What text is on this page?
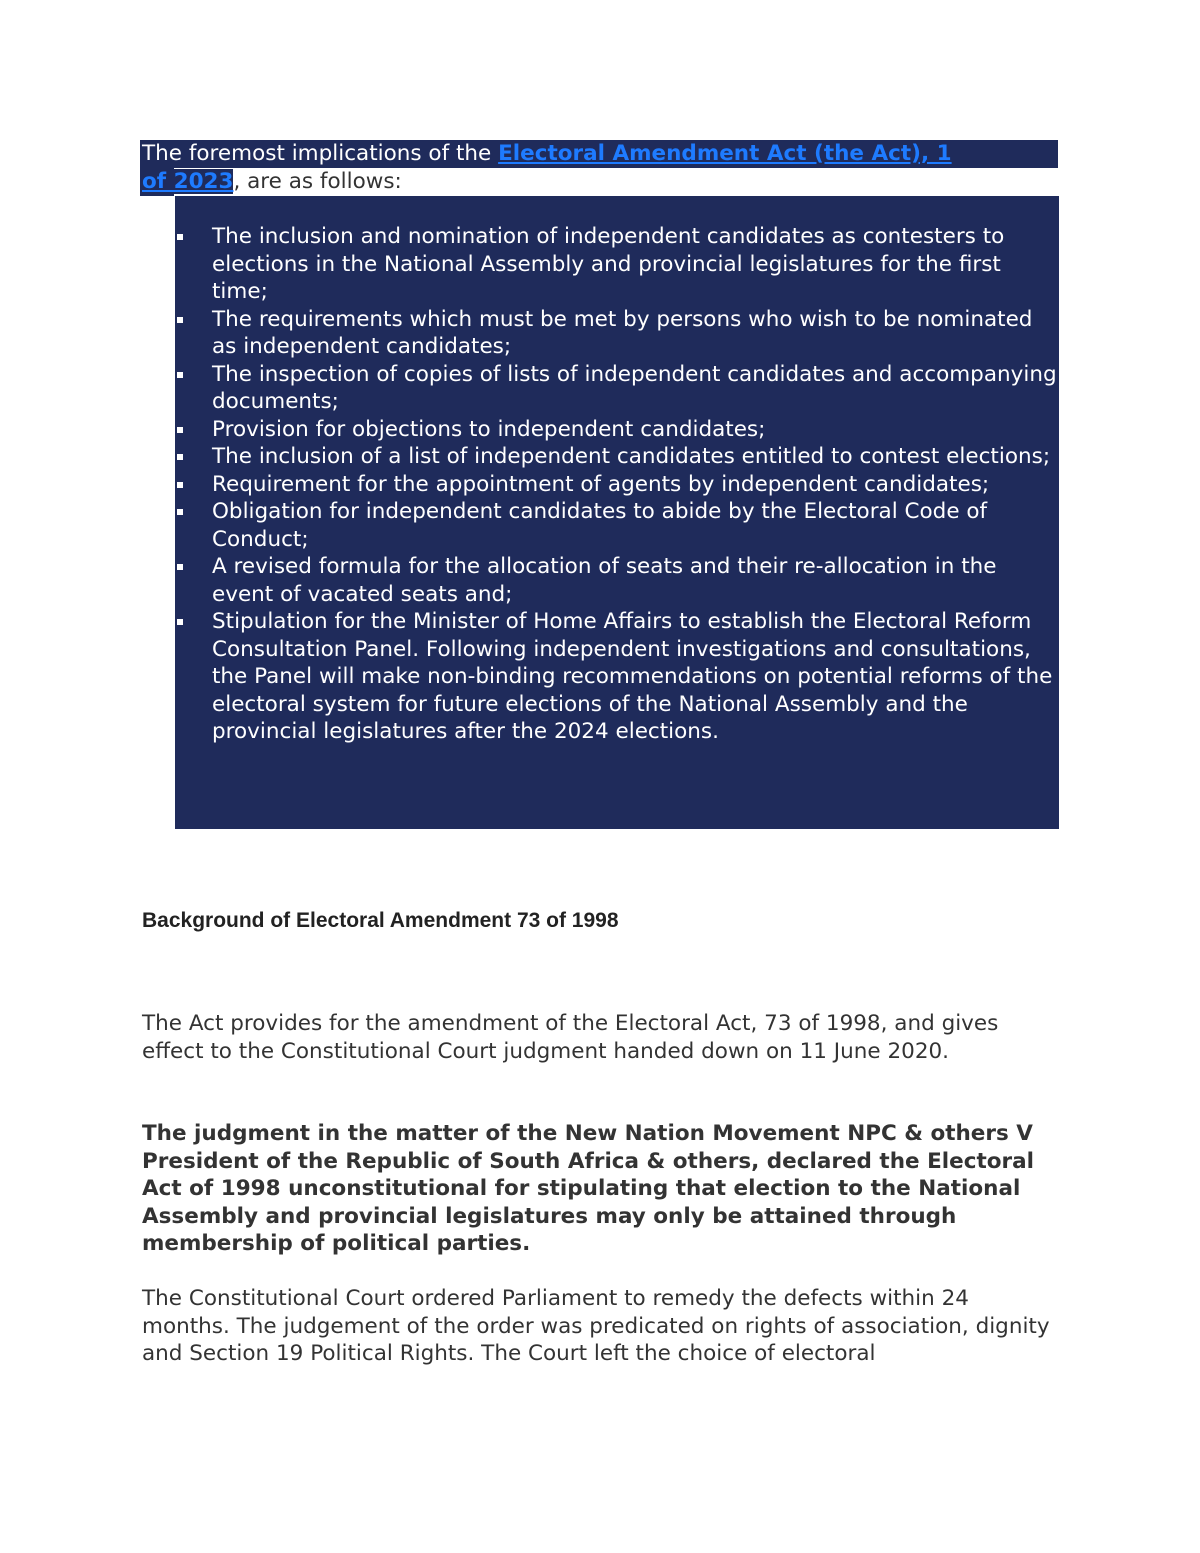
The foremost implications of the Electoral Amendment Act (the Act), 1
of 2023, are as follows:
The inclusion and nomination of independent candidates as contesters to elections in the National Assembly and provincial legislatures for the first time;
The requirements which must be met by persons who wish to be nominated as independent candidates;
The inspection of copies of lists of independent candidates and accompanying documents;
Provision for objections to independent candidates;
The inclusion of a list of independent candidates entitled to contest elections;
Requirement for the appointment of agents by independent candidates;
Obligation for independent candidates to abide by the Electoral Code of Conduct;
A revised formula for the allocation of seats and their re-allocation in the event of vacated seats and;
Stipulation for the Minister of Home Affairs to establish the Electoral Reform Consultation Panel. Following independent investigations and consultations, the Panel will make non-binding recommendations on potential reforms of the electoral system for future elections of the National Assembly and the provincial legislatures after the 2024 elections.
Background of Electoral Amendment 73 of 1998

The Act provides for the amendment of the Electoral Act, 73 of 1998, and gives effect to the Constitutional Court judgment handed down on 11 June 2020.

The judgment in the matter of the New Nation Movement NPC & others V President of the Republic of South Africa & others, declared the Electoral Act of 1998 unconstitutional for stipulating that election to the National Assembly and provincial legislatures may only be attained through membership of political parties.

The Constitutional Court ordered Parliament to remedy the defects within 24 months. The judgement of the order was predicated on rights of association, dignity and Section 19 Political Rights. The Court left the choice of electoral
